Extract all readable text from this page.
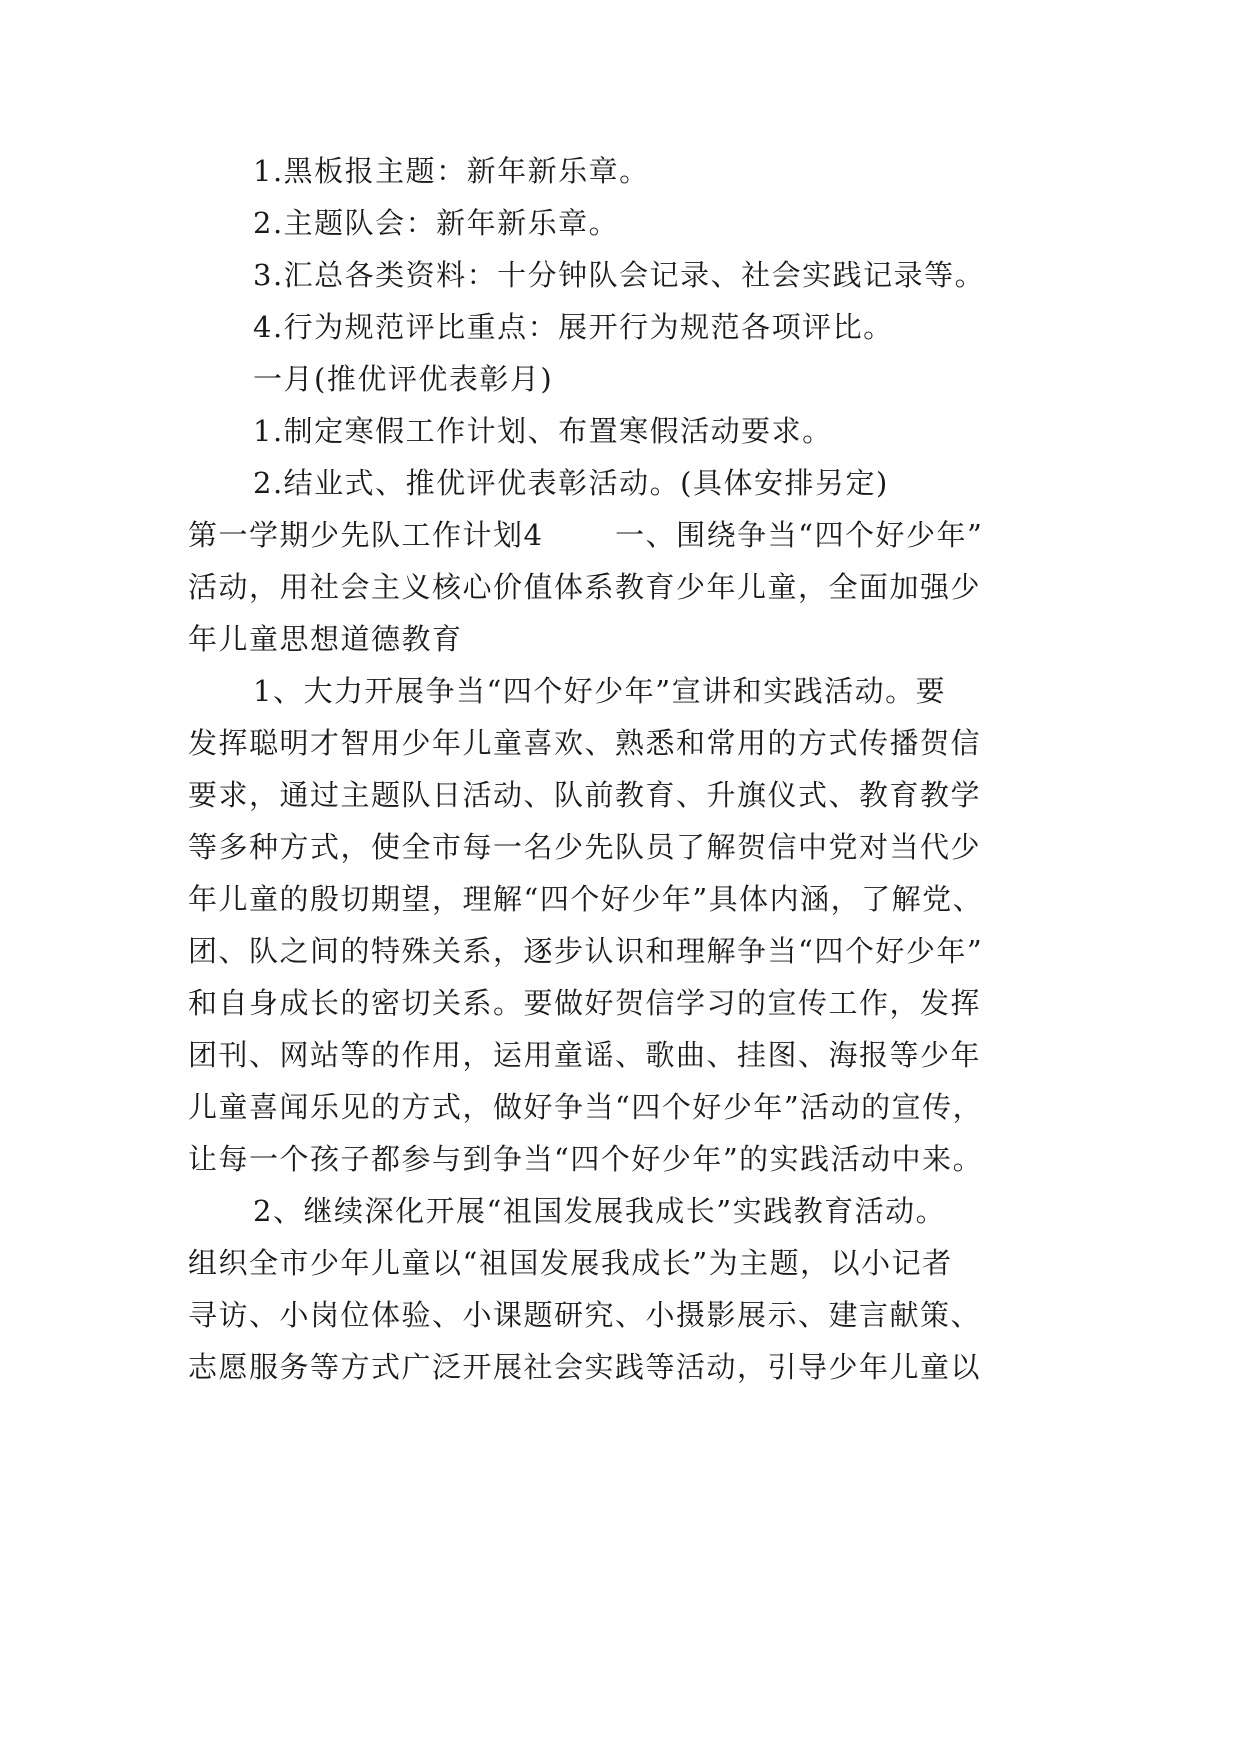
1.黑板报主题：新年新乐章。
2.主题队会：新年新乐章。
3.汇总各类资料：十分钟队会记录、社会实践记录等。
4.行为规范评比重点：展开行为规范各项评比。
一月(推优评优表彰月)
1.制定寒假工作计划、布置寒假活动要求。
2.结业式、推优评优表彰活动。(具体安排另定)
第一学期少先队工作计划4　　 一、围绕争当“四个好少年”
活动，用社会主义核心价值体系教育少年儿童，全面加强少
年儿童思想道德教育
1、大力开展争当“四个好少年”宣讲和实践活动。要
发挥聪明才智用少年儿童喜欢、熟悉和常用的方式传播贺信
要求，通过主题队日活动、队前教育、升旗仪式、教育教学
等多种方式，使全市每一名少先队员了解贺信中党对当代少
年儿童的殷切期望，理解“四个好少年”具体内涵，了解党、
团、队之间的特殊关系，逐步认识和理解争当“四个好少年”
和自身成长的密切关系。要做好贺信学习的宣传工作，发挥
团刊、网站等的作用，运用童谣、歌曲、挂图、海报等少年
儿童喜闻乐见的方式，做好争当“四个好少年”活动的宣传，
让每一个孩子都参与到争当“四个好少年”的实践活动中来。
2、继续深化开展“祖国发展我成长”实践教育活动。
组织全市少年儿童以“祖国发展我成长”为主题，以小记者
寻访、小岗位体验、小课题研究、小摄影展示、建言献策、
志愿服务等方式广泛开展社会实践等活动，引导少年儿童以
